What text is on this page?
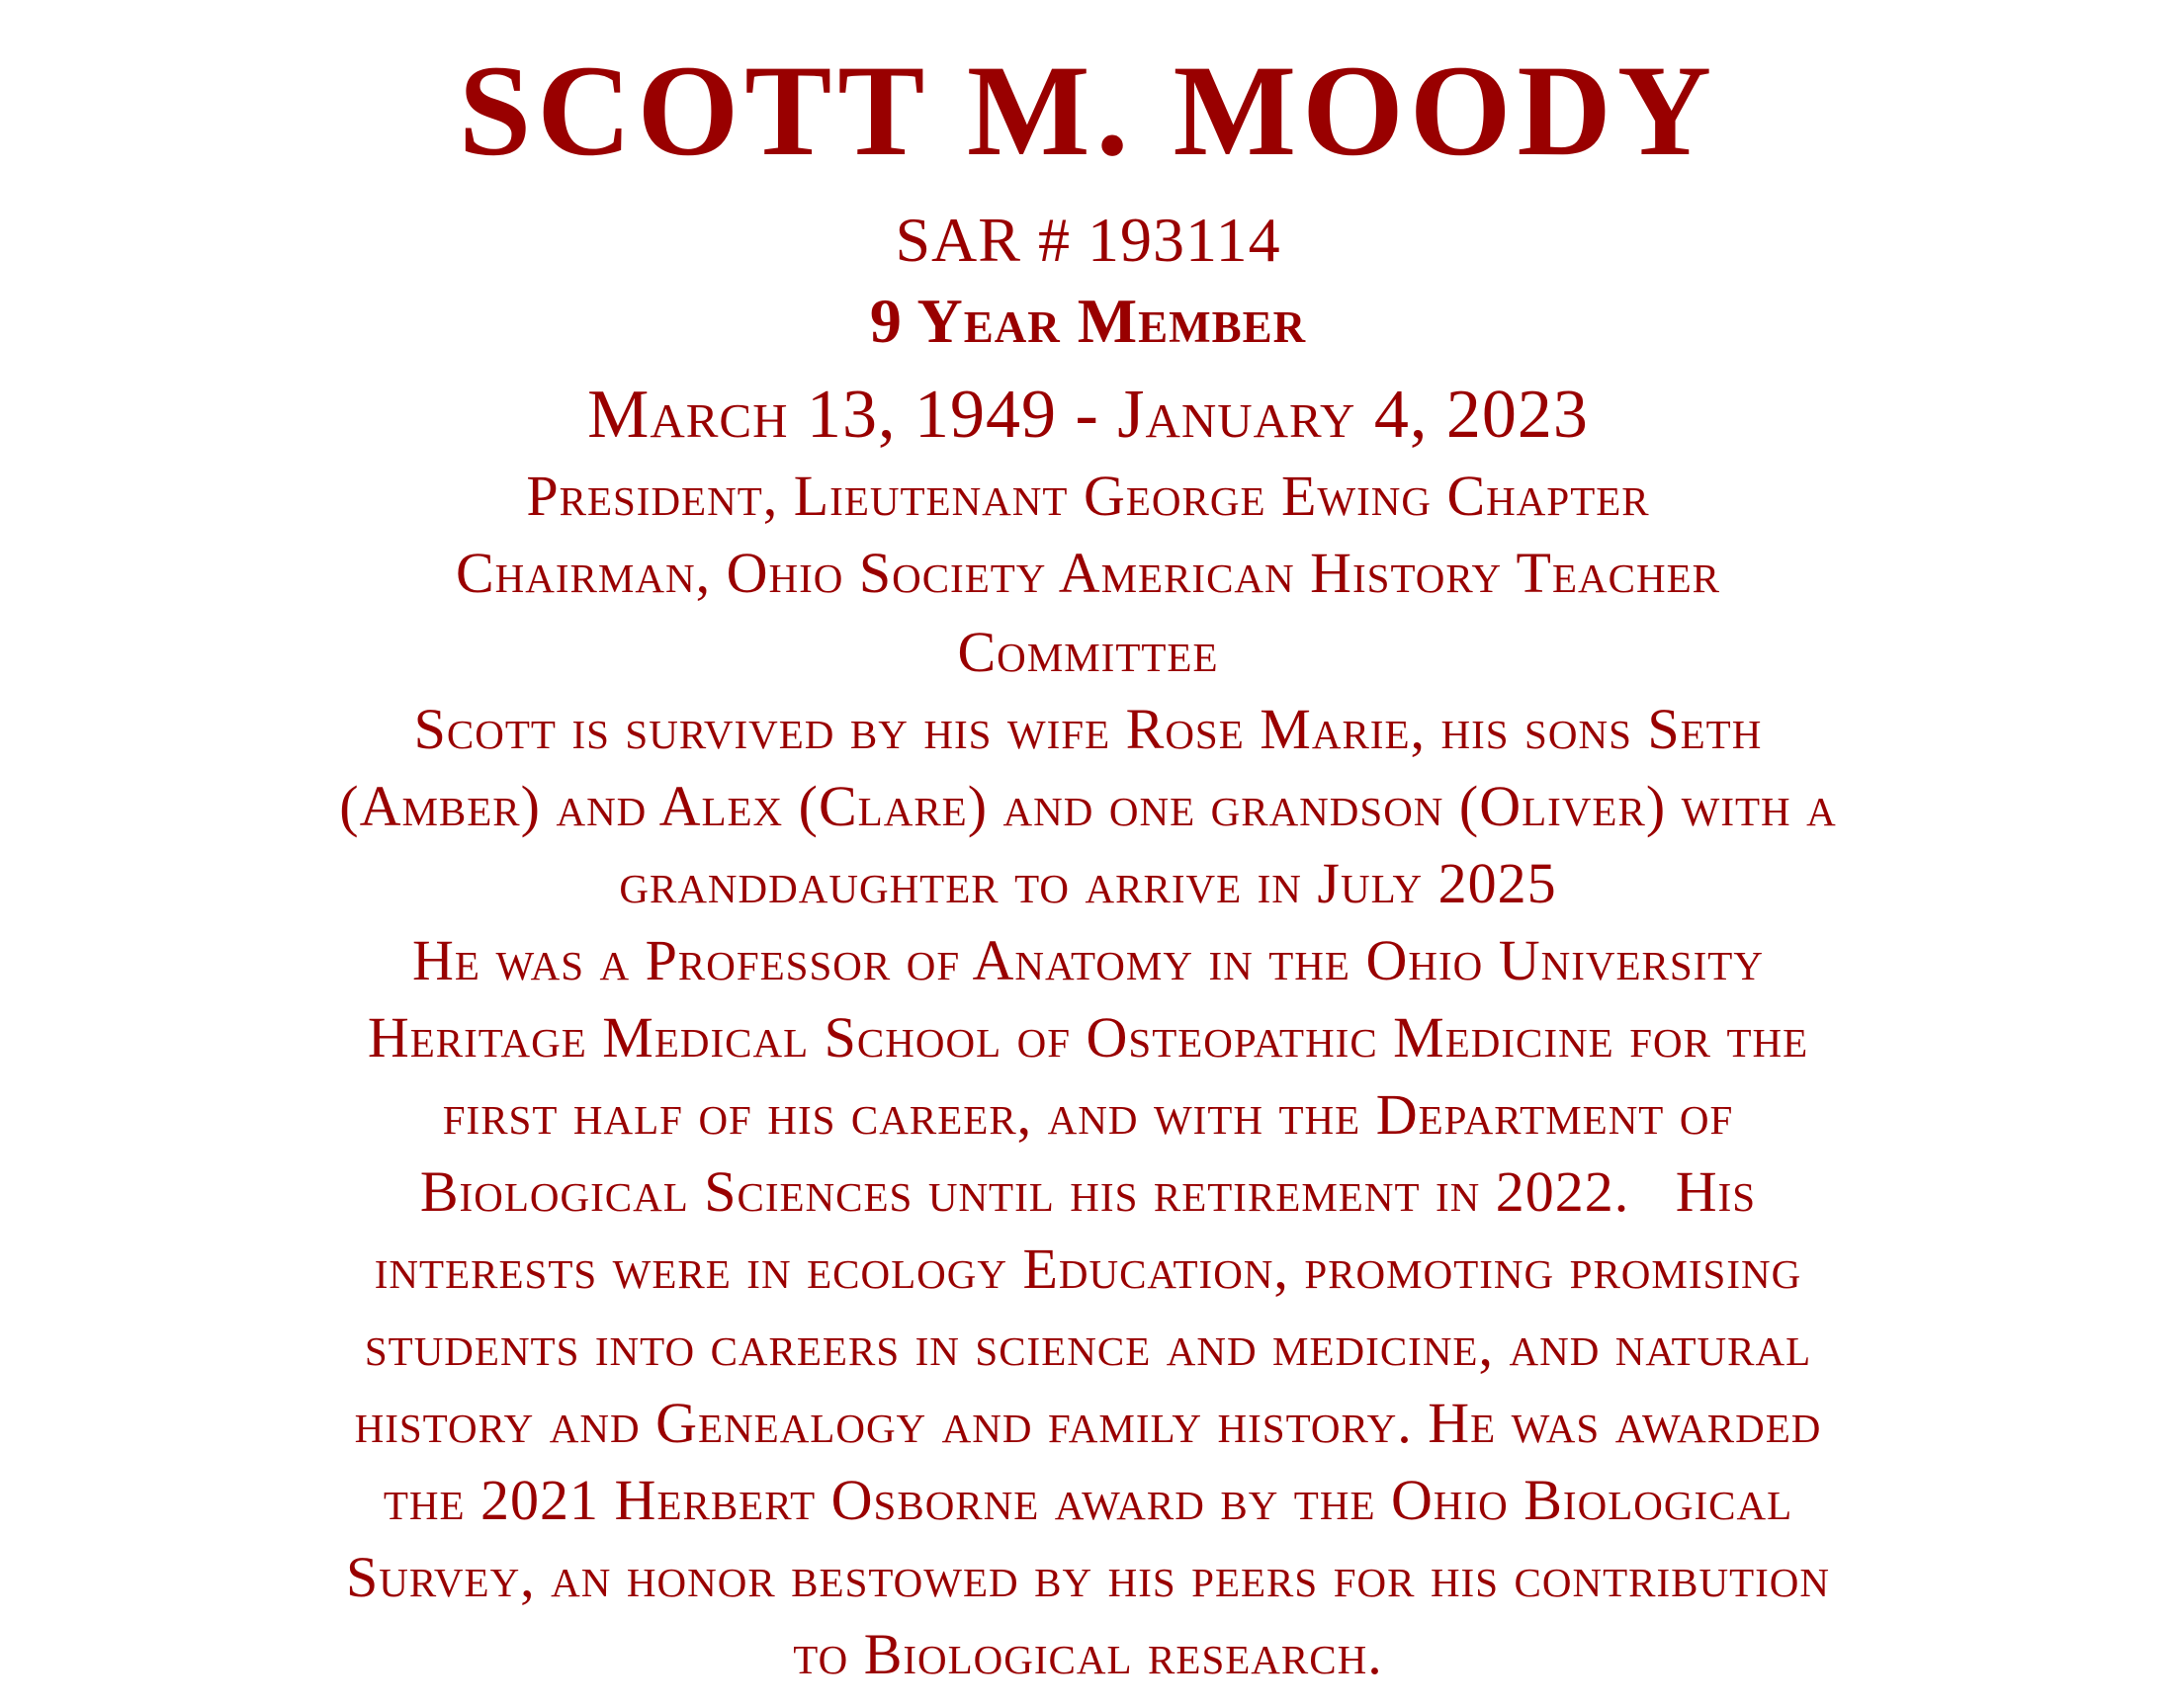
SCOTT M. MOODY
SAR # 193114
9 Year Member
March 13, 1949 - January 4, 2023
President, Lieutenant George Ewing Chapter
Chairman, Ohio Society American History Teacher
Committee
Scott is survived by his wife Rose Marie, his sons Seth
(Amber) and Alex (Clare) and one grandson (Oliver) with a
granddaughter to arrive in July 2025
He was a Professor of Anatomy in the Ohio University
Heritage Medical School of Osteopathic Medicine for the
first half of his career, and with the Department of
Biological Sciences until his retirement in 2022.   His
interests were in ecology Education, promoting promising
students into careers in science and medicine, and natural
history and Genealogy and family history. He was awarded
the 2021 Herbert Osborne award by the Ohio Biological
Survey, an honor bestowed by his peers for his contribution
to Biological research.
